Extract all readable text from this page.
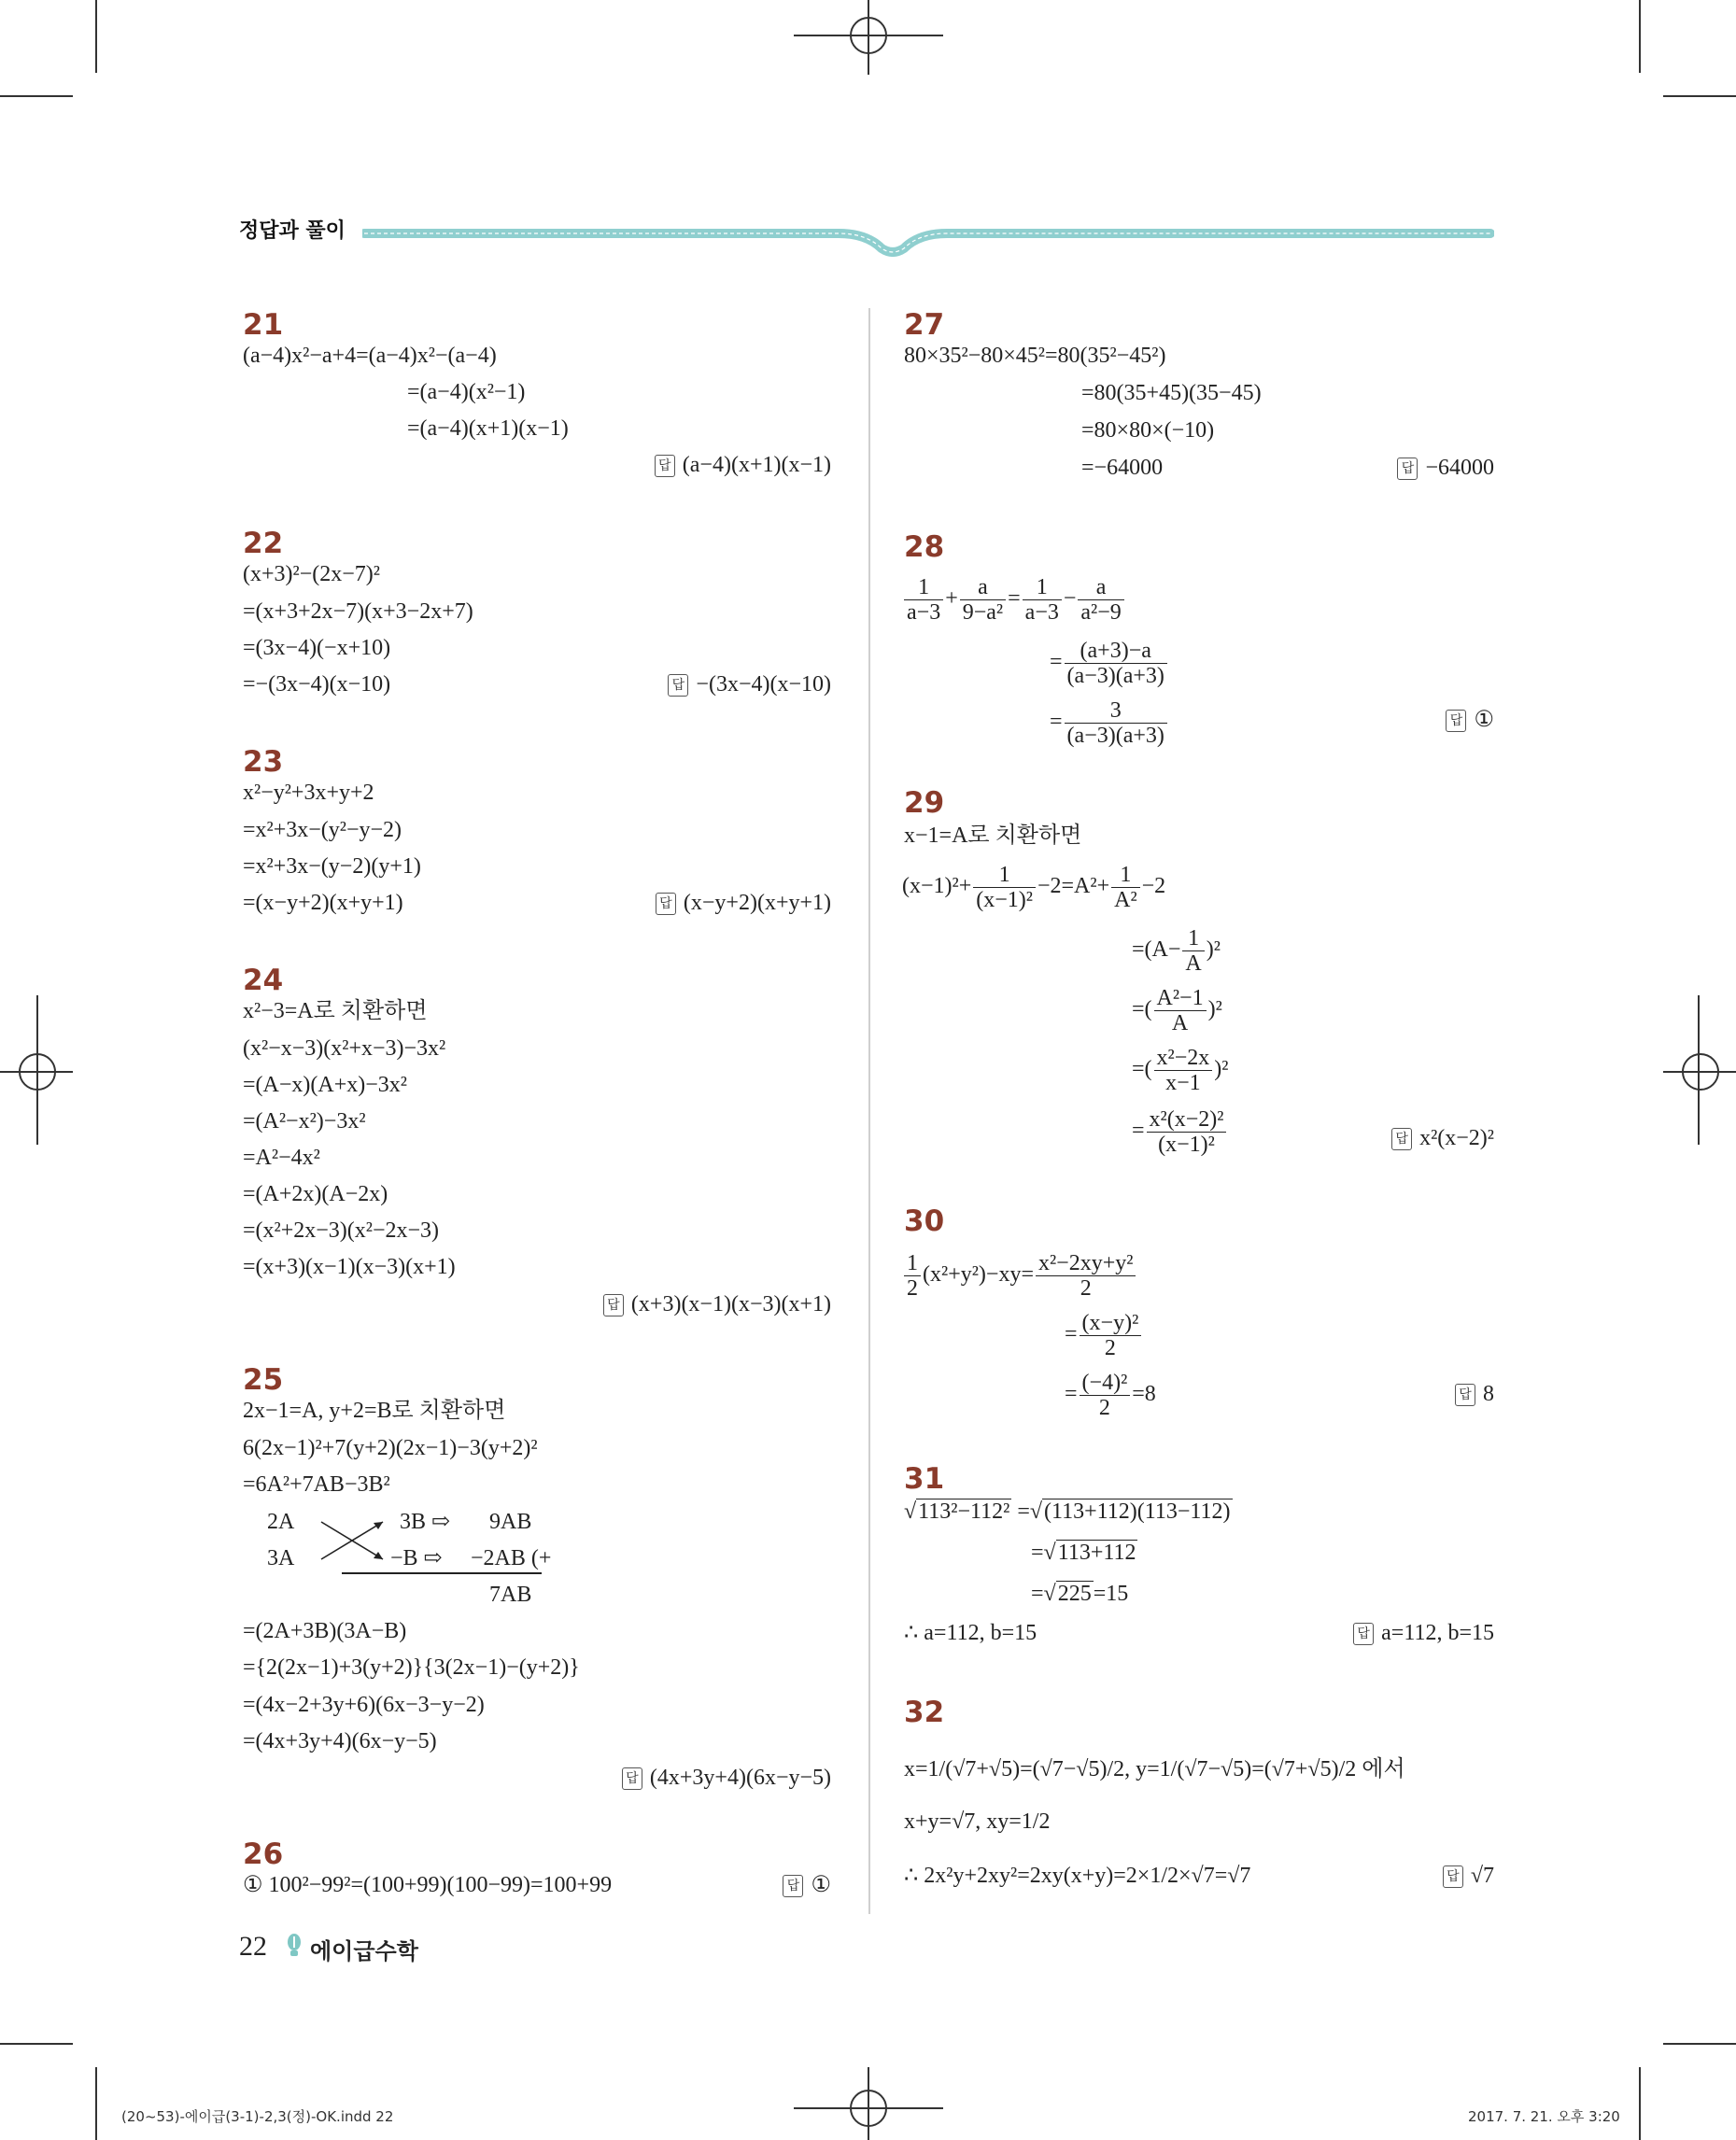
정답과 풀이
21
(a−4)x²−a+4=(a−4)x²−(a−4)
=(a−4)(x²−1)
=(a−4)(x+1)(x−1)
답 (a−4)(x+1)(x−1)
22
(x+3)²−(2x−7)²
=(x+3+2x−7)(x+3−2x+7)
=(3x−4)(−x+10)
=−(3x−4)(x−10)	답 −(3x−4)(x−10)
23
x²−y²+3x+y+2
=x²+3x−(y²−y−2)
=x²+3x−(y−2)(y+1)
=(x−y+2)(x+y+1)	답 (x−y+2)(x+y+1)
24
x²−3=A로 치환하면
(x²−x−3)(x²+x−3)−3x²
=(A−x)(A+x)−3x²
=(A²−x²)−3x²
=A²−4x²
=(A+2x)(A−2x)
=(x²+2x−3)(x²−2x−3)
=(x+3)(x−1)(x−3)(x+1)
답 (x+3)(x−1)(x−3)(x+1)
25
2x−1=A, y+2=B로 치환하면
6(2x−1)²+7(y+2)(2x−1)−3(y+2)²
=6A²+7AB−3B²
2A	3B ⇨ 9AB
3A	−B ⇨ −2AB (+
7AB
=(2A+3B)(3A−B)
={2(2x−1)+3(y+2)}{3(2x−1)−(y+2)}
=(4x−2+3y+6)(6x−3−y−2)
=(4x+3y+4)(6x−y−5)
답 (4x+3y+4)(6x−y−5)
26
① 100²−99²=(100+99)(100−99)=100+99	답 ①
27
80×35²−80×45²=80(35²−45²)
=80(35+45)(35−45)
=80×80×(−10)
=−64000	답 −64000
28
$\frac{1}{a-3} + \frac{a}{\text{9−a²}} = \frac{1}{a-3} - \frac{a}{\text{a²−9}}$
= $\frac{(a+3)-a}{(a-3)(a+3)}$
= $\frac{3}{(a-3)(a+3)}$	답 ①
29
x−1=A로 치환하면
$(x-1)^2+ \frac{1}{\text{(x−1)²}} -2=A^2+ \frac{1}{\text{A²}} -2$
$=(A- \frac{1}{A} )^2$
=( $\frac{\text{A²−1}}{A} )^2$
=( $\frac{\text{x²−2x}}{x-1} )^2$
= $\frac{\text{x²(x−2)²}}{\text{(x−1)²}}$	답 x²(x−2)²
30
$\frac{1}{2} (x^2+y^2)-xy= \frac{\text{x²−2xy+y²}}{2}$
= $\frac{\text{(x−y)²}}{2}$
= $\frac{\text{(−4)²}}{2} =8$	답 8
31
√113²−112² =√(113+112)(113−112)
=√113+112
=√225=15
∴ a=112, b=15	답 a=112, b=15
32
x=1/(√7+√5)=(√7−√5)/2, y=1/(√7−√5)=(√7+√5)/2 에서
x+y=√7, xy=1/2
∴ 2x²y+2xy²=2xy(x+y)=2×1/2×√7=√7	답 √7
22 에이급수학
(20~53)-에이급(3-1)-2,3(정)-OK.indd 22	2017. 7. 21. 오후 3:20
